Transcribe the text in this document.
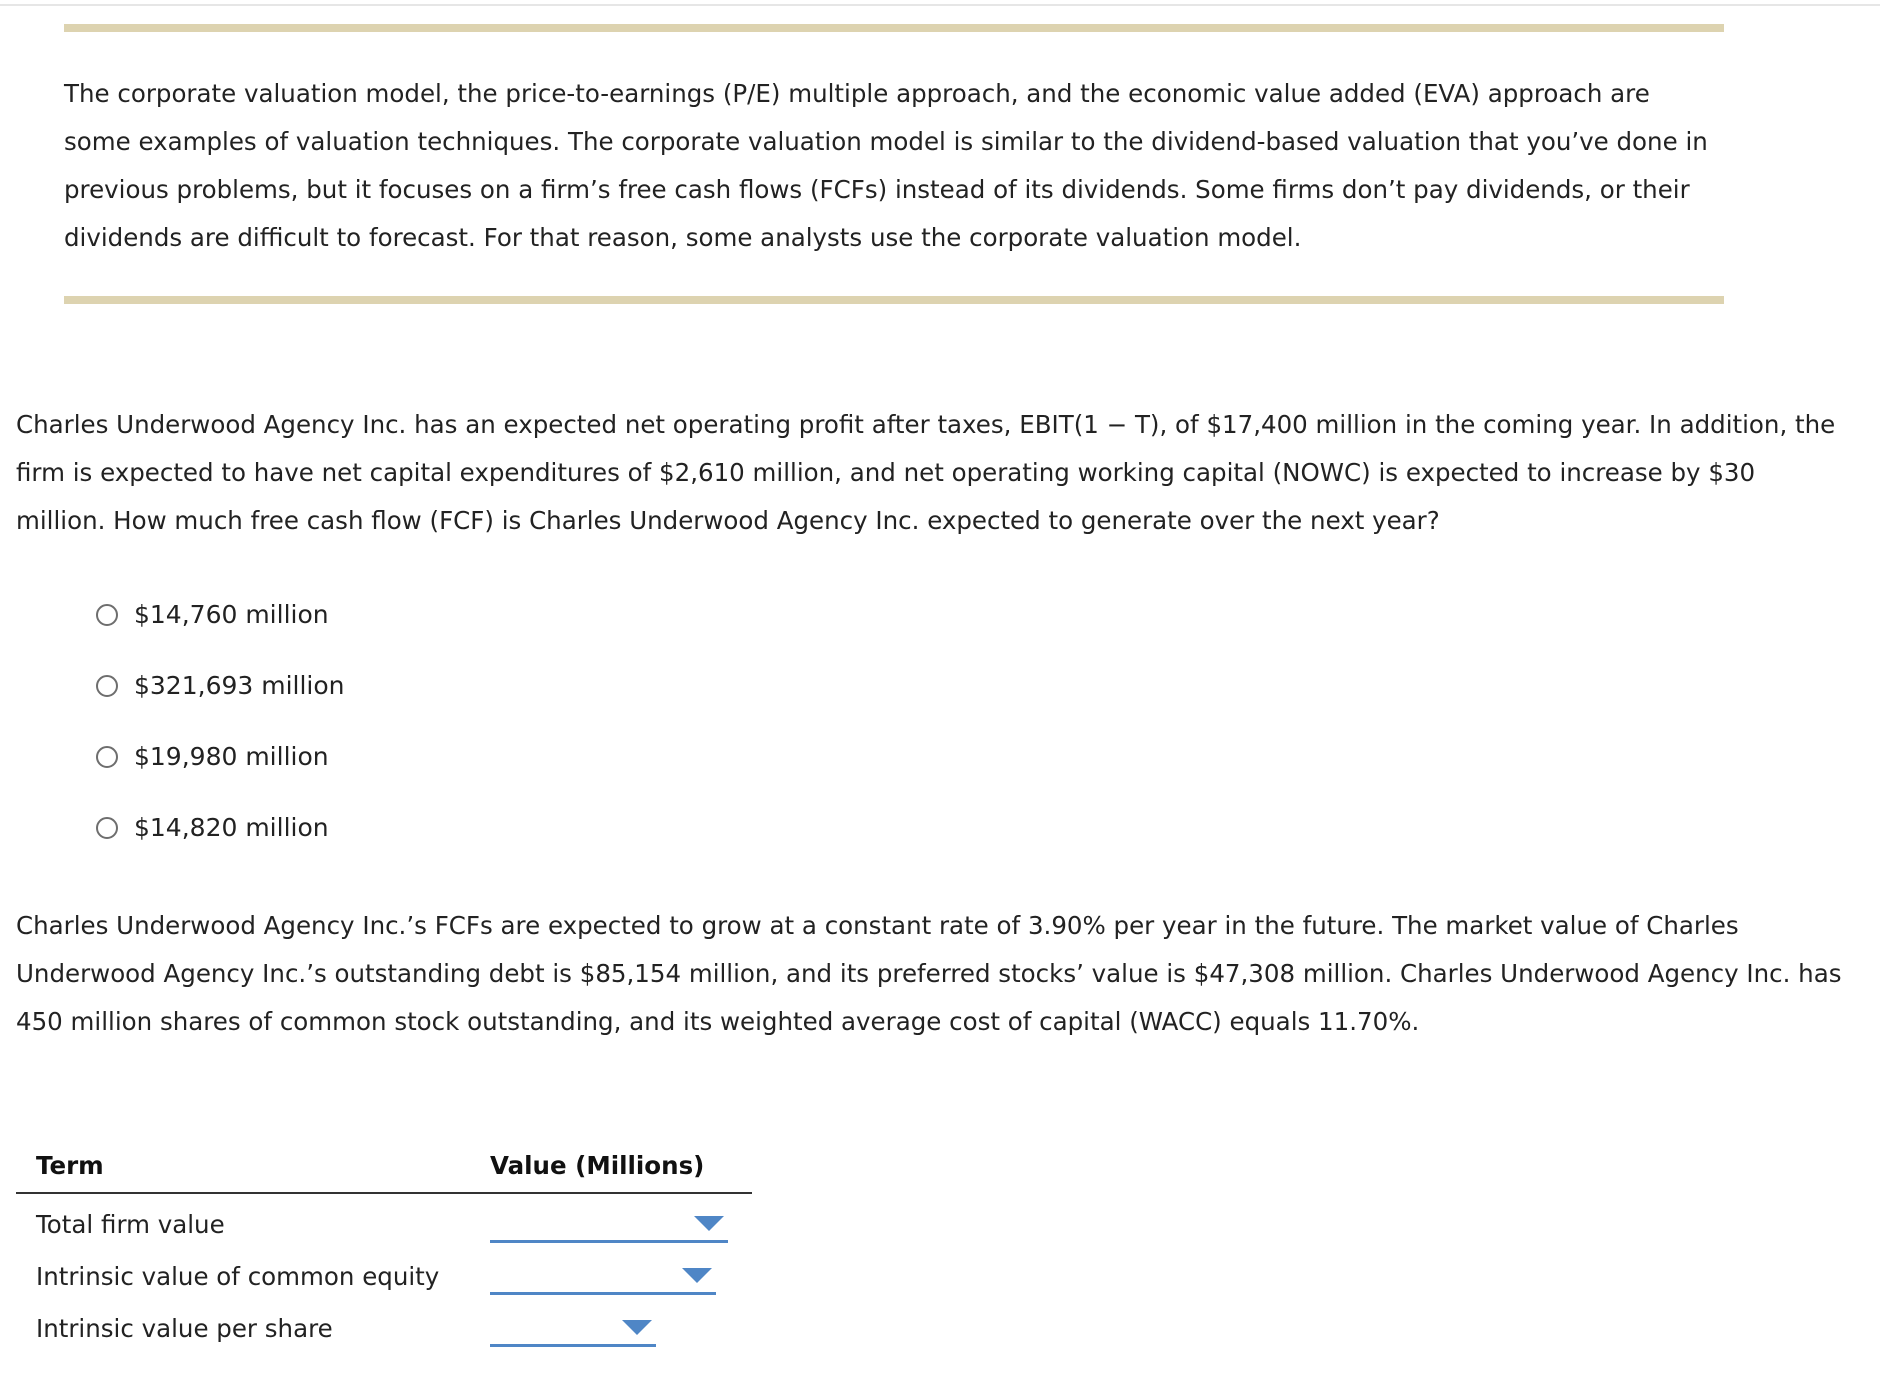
The corporate valuation model, the price-to-earnings (P/E) multiple approach, and the economic value added (EVA) approach are some examples of valuation techniques. The corporate valuation model is similar to the dividend-based valuation that you’ve done in previous problems, but it focuses on a firm’s free cash flows (FCFs) instead of its dividends. Some firms don’t pay dividends, or their dividends are difficult to forecast. For that reason, some analysts use the corporate valuation model.

Charles Underwood Agency Inc. has an expected net operating profit after taxes, EBIT(1 − T), of $17,400 million in the coming year. In addition, the firm is expected to have net capital expenditures of $2,610 million, and net operating working capital (NOWC) is expected to increase by $30 million. How much free cash flow (FCF) is Charles Underwood Agency Inc. expected to generate over the next year?

$14,760 million
$321,693 million
$19,980 million
$14,820 million

Charles Underwood Agency Inc.’s FCFs are expected to grow at a constant rate of 3.90% per year in the future. The market value of Charles Underwood Agency Inc.’s outstanding debt is $85,154 million, and its preferred stocks’ value is $47,308 million. Charles Underwood Agency Inc. has 450 million shares of common stock outstanding, and its weighted average cost of capital (WACC) equals 11.70%.

Term	Value (Millions)
Total firm value	

Intrinsic value of common equity	

Intrinsic value per share	
